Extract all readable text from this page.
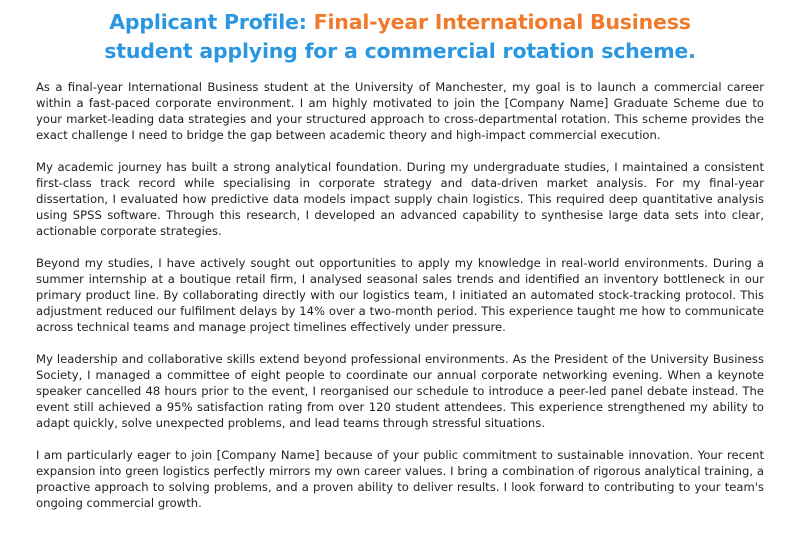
Applicant Profile: Final-year International Business
student applying for a commercial rotation scheme.

As a final-year International Business student at the University of Manchester, my goal is to launch a commercial career within a fast-paced corporate environment. I am highly motivated to join the [Company Name] Graduate Scheme due to your market-leading data strategies and your structured approach to cross-departmental rotation. This scheme provides the exact challenge I need to bridge the gap between academic theory and high-impact commercial execution.

My academic journey has built a strong analytical foundation. During my undergraduate studies, I maintained a consistent first-class track record while specialising in corporate strategy and data-driven market analysis. For my final-year dissertation, I evaluated how predictive data models impact supply chain logistics. This required deep quantitative analysis using SPSS software. Through this research, I developed an advanced capability to synthesise large data sets into clear, actionable corporate strategies.

Beyond my studies, I have actively sought out opportunities to apply my knowledge in real-world environments. During a summer internship at a boutique retail firm, I analysed seasonal sales trends and identified an inventory bottleneck in our primary product line. By collaborating directly with our logistics team, I initiated an automated stock-tracking protocol. This adjustment reduced our fulfilment delays by 14% over a two-month period. This experience taught me how to communicate across technical teams and manage project timelines effectively under pressure.

My leadership and collaborative skills extend beyond professional environments. As the President of the University Business Society, I managed a committee of eight people to coordinate our annual corporate networking evening. When a keynote speaker cancelled 48 hours prior to the event, I reorganised our schedule to introduce a peer-led panel debate instead. The event still achieved a 95% satisfaction rating from over 120 student attendees. This experience strengthened my ability to adapt quickly, solve unexpected problems, and lead teams through stressful situations.

I am particularly eager to join [Company Name] because of your public commitment to sustainable innovation. Your recent expansion into green logistics perfectly mirrors my own career values. I bring a combination of rigorous analytical training, a proactive approach to solving problems, and a proven ability to deliver results. I look forward to contributing to your team's ongoing commercial growth.
